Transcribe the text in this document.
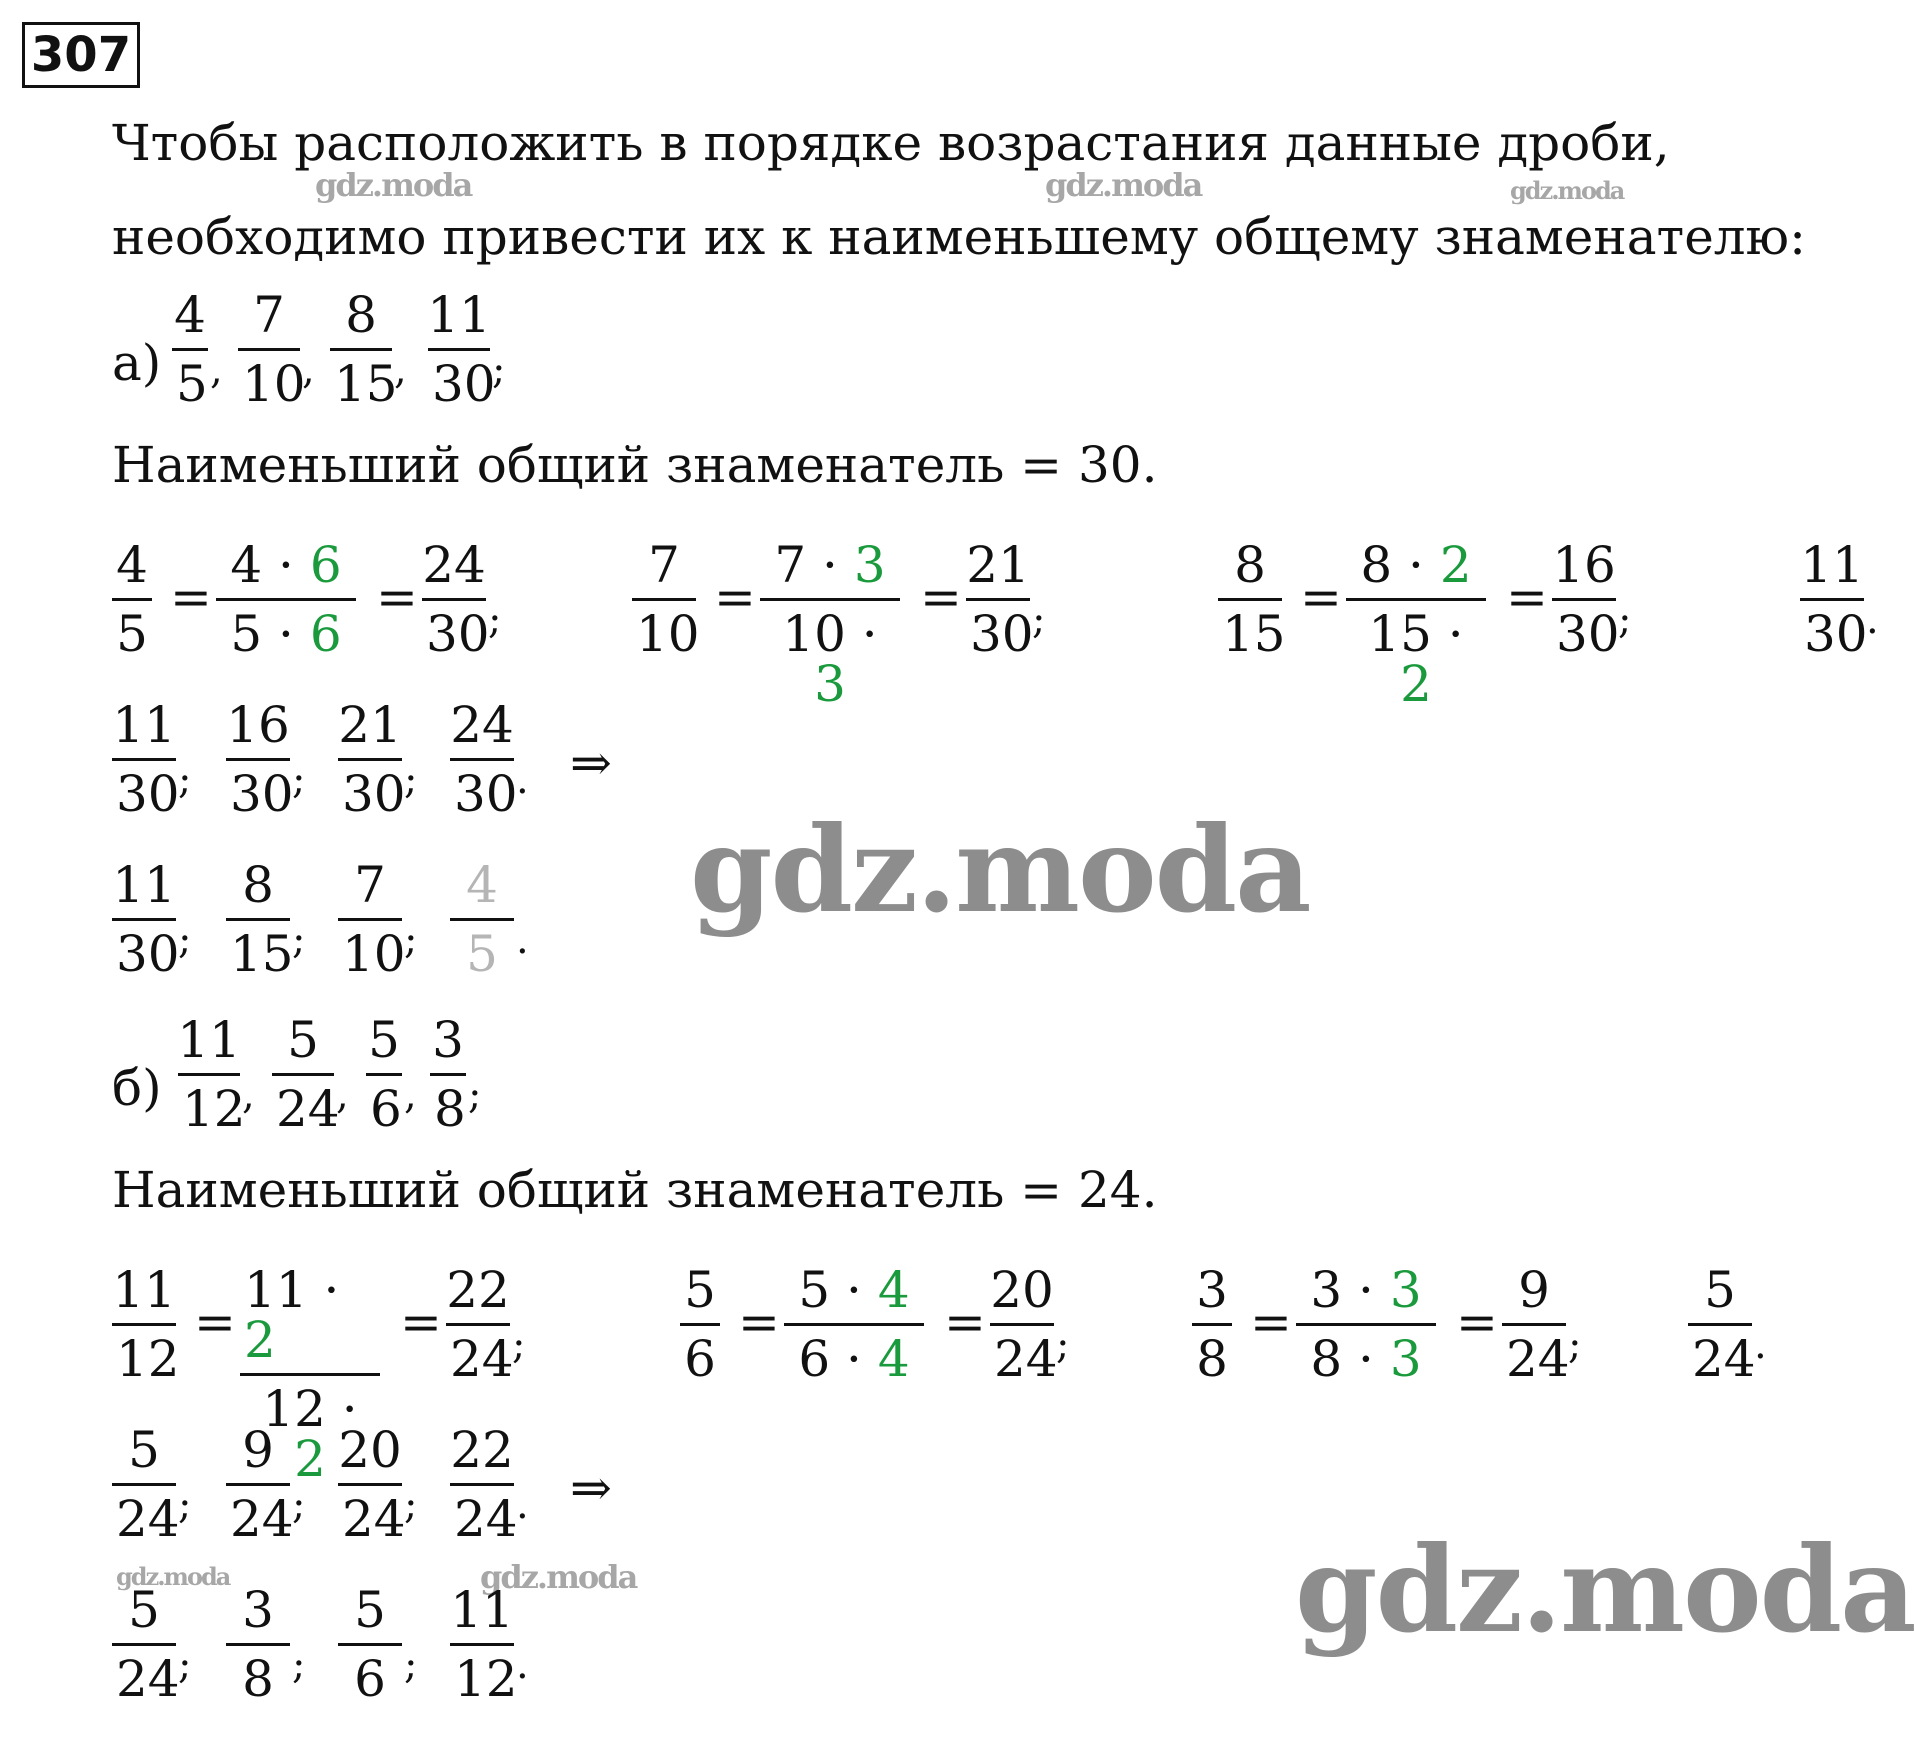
307
Чтобы расположить в порядке возрастания данные дроби,
необходимо привести их к наименьшему общему знаменателю:
gdz.moda	gdz.moda	gdz.moda
gdz.moda
gdz.moda
gdz.moda
gdz.moda
$а) \frac{4}{5}$ , $\frac{7}{10}$ , $\frac{8}{15}$ , $\frac{11}{30}$ ;
Наименьший общий знаменатель = 30.
$\frac{4}{5} = \frac{4 \cdot 6}{5 \cdot 6} = \frac{24}{30}$ ;	$\frac{7}{10} = \frac{7 \cdot 3}{10 \cdot 3} = \frac{21}{30}$ ;	$\frac{8}{15} = \frac{8 \cdot 2}{15 \cdot 2} = \frac{16}{30}$ ;	$\frac{11}{30}$ .
$\frac{11}{30}$ ; $\frac{16}{30}$ ; $\frac{21}{30}$ ; $\frac{24}{30}$ . ⇒
$\frac{11}{30}$ ; $\frac{8}{15}$ ; $\frac{7}{10}$ ; $\frac{4}{5}$ .
$б) \frac{11}{12}$ , $\frac{5}{24}$ , $\frac{5}{6}$ , $\frac{3}{8}$ ;
Наименьший общий знаменатель = 24.
$\frac{11}{12} = \frac{11 \cdot 2}{12 \cdot 2} = \frac{22}{24}$ ;	$\frac{5}{6} = \frac{5 \cdot 4}{6 \cdot 4} = \frac{20}{24}$ ; $\frac{3}{8} = \frac{3 \cdot 3}{8 \cdot 3} = \frac{9}{24}$ ; $\frac{5}{24}$ .
$\frac{5}{24}$ ; $\frac{9}{24}$ ; $\frac{20}{24}$ ; $\frac{22}{24}$ . ⇒
$\frac{5}{24}$ ; $\frac{3}{8}$ ; $\frac{5}{6}$ ; $\frac{11}{12}$ .
